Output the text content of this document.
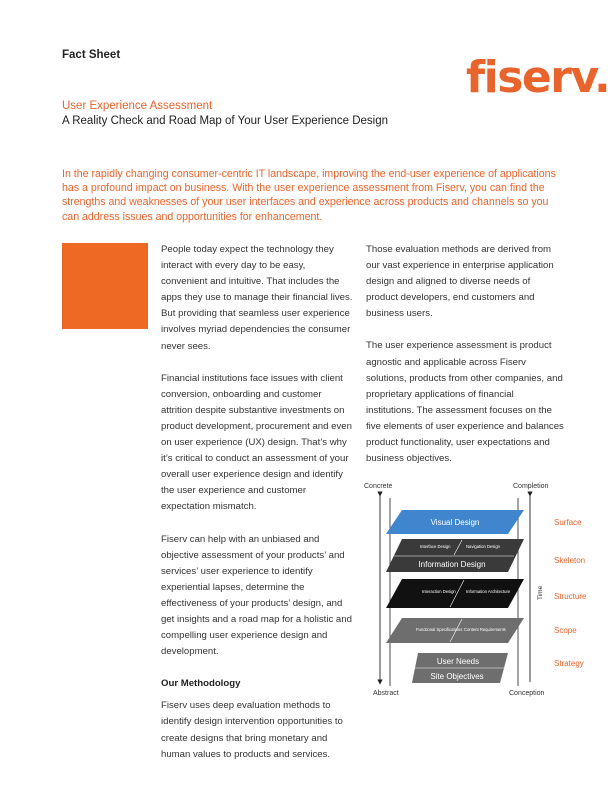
Fact Sheet	fiserv.
User Experience Assessment
A Reality Check and Road Map of Your User Experience Design
In the rapidly changing consumer-centric IT landscape, improving the end-user experience of applications has a profound impact on business. With the user experience assessment from Fiserv, you can find the strengths and weaknesses of your user interfaces and experience across products and channels so you can address issues and opportunities for enhancement.

People today expect the technology they interact with every day to be easy, convenient and intuitive. That includes the apps they use to manage their financial lives. But providing that seamless user experience involves myriad dependencies the consumer never sees.

Financial institutions face issues with client conversion, onboarding and customer attrition despite substantive investments on product development, procurement and even on user experience (UX) design. That’s why it’s critical to conduct an assessment of your overall user experience design and identify the user experience and customer expectation mismatch.

Fiserv can help with an unbiased and objective assessment of your products’ and services’ user experience to identify experiential lapses, determine the effectiveness of your products’ design, and get insights and a road map for a holistic and compelling user experience design and development.

Our Methodology

Fiserv uses deep evaluation methods to identify design intervention opportunities to create designs that bring monetary and human values to products and services.

Those evaluation methods are derived from our vast experience in enterprise application design and aligned to diverse needs of product developers, end customers and business users.

The user experience assessment is product agnostic and applicable across Fiserv solutions, products from other companies, and proprietary applications of financial institutions. The assessment focuses on the five elements of user experience and balances product functionality, user expectations and business objectives.

Concrete	Completion
Abstract	Conception
Time
Visual Design
Interface Design	Navigation Design
Information Design
Interaction Design Information Architecture
Functional Specifications Content Requirements
User Needs
Site Objectives
Surface
Skeleton
Structure
Scope
Strategy
